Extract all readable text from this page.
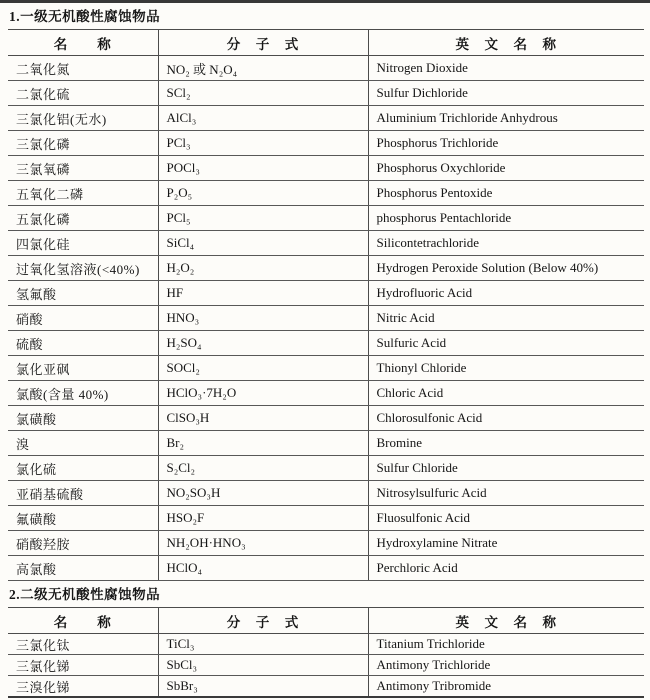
1.一级无机酸性腐蚀物品
名　　称	分　子　式	英　文　名　称
二氧化氮	NO₂ 或 N₂O₄	Nitrogen Dioxide
二氯化硫	SCl₂	Sulfur Dichloride
三氯化铝(无水)	AlCl₃	Aluminium Trichloride Anhydrous
三氯化磷	PCl₃	Phosphorus Trichloride
三氯氧磷	POCl₃	Phosphorus Oxychloride
五氧化二磷	P₂O₅	Phosphorus Pentoxide
五氯化磷	PCl₅	phosphorus Pentachloride
四氯化硅	SiCl₄	Silicontetrachloride
过氧化氢溶液(<40%)	H₂O₂	Hydrogen Peroxide Solution (Below 40%)
氢氟酸	HF	Hydrofluoric Acid
硝酸	HNO₃	Nitric Acid
硫酸	H₂SO₄	Sulfuric Acid
氯化亚砜	SOCl₂	Thionyl Chloride
氯酸(含量 40%)	HClO₃·7H₂O	Chloric Acid
氯磺酸	ClSO₃H	Chlorosulfonic Acid
溴	Br₂	Bromine
氯化硫	S₂Cl₂	Sulfur Chloride
亚硝基硫酸	NO₂SO₃H	Nitrosylsulfuric Acid
氟磺酸	HSO₂F	Fluosulfonic Acid
硝酸羟胺	NH₂OH·HNO₃	Hydroxylamine Nitrate
高氯酸	HClO₄	Perchloric Acid
2.二级无机酸性腐蚀物品
名　　称	分　子　式	英　文　名　称
三氯化钛	TiCl₃	Titanium Trichloride
三氯化锑	SbCl₃	Antimony Trichloride
三溴化锑	SbBr₃	Antimony Tribromide
